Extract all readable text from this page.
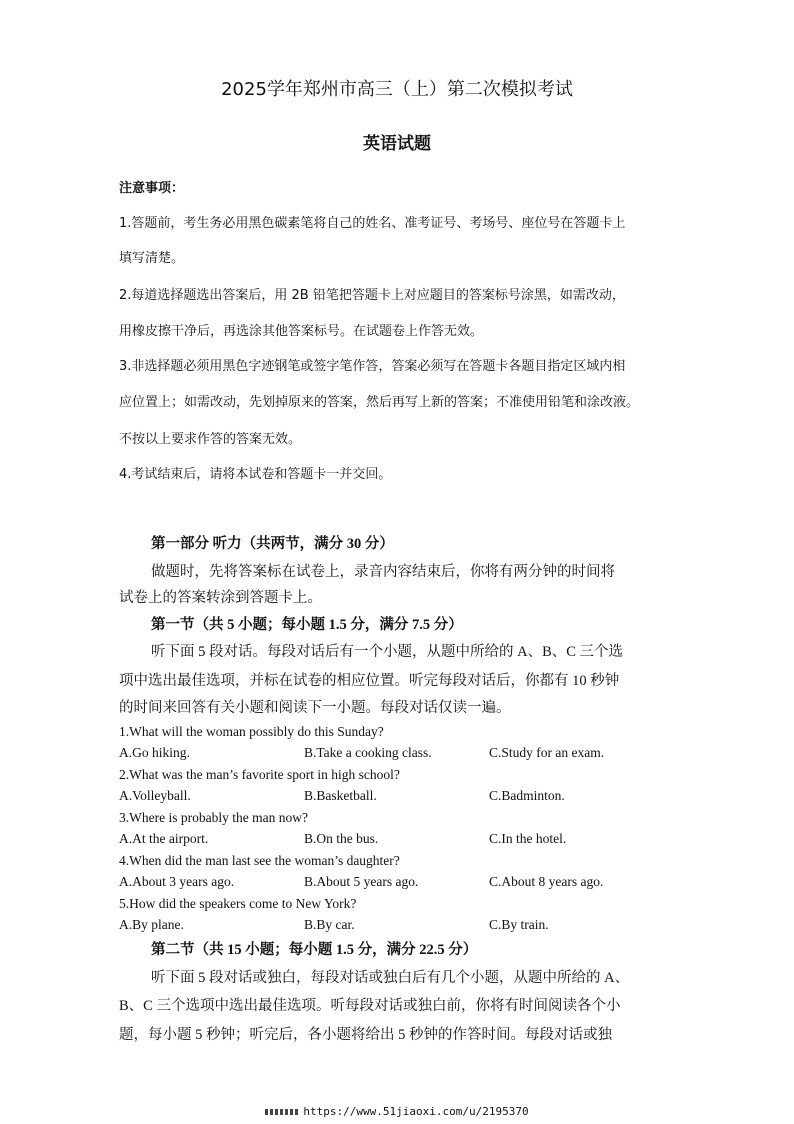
2025学年郑州市高三（上）第二次模拟考试
英语试题
注意事项：
1.答题前，考生务必用黑色碳素笔将自己的姓名、准考证号、考场号、座位号在答题卡上
填写清楚。
2.每道选择题选出答案后，用 2B 铅笔把答题卡上对应题目的答案标号涂黑，如需改动，
用橡皮擦干净后，再选涂其他答案标号。在试题卷上作答无效。
3.非选择题必须用黑色字迹钢笔或签字笔作答，答案必须写在答题卡各题目指定区域内相
应位置上；如需改动，先划掉原来的答案，然后再写上新的答案；不准使用铅笔和涂改液。
不按以上要求作答的答案无效。
4.考试结束后，请将本试卷和答题卡一并交回。
第一部分 听力（共两节，满分 30 分）
做题时，先将答案标在试卷上，录音内容结束后，你将有两分钟的时间将
试卷上的答案转涂到答题卡上。
第一节（共 5 小题；每小题 1.5 分，满分 7.5 分）
听下面 5 段对话。每段对话后有一个小题，从题中所给的 A、B、C 三个选
项中选出最佳选项，并标在试卷的相应位置。听完每段对话后，你都有 10 秒钟
的时间来回答有关小题和阅读下一小题。每段对话仅读一遍。
1.What will the woman possibly do this Sunday?
A.Go hiking.	B.Take a cooking class.	C.Study for an exam.
2.What was the man’s favorite sport in high school?
A.Volleyball.	B.Basketball.	C.Badminton.
3.Where is probably the man now?
A.At the airport.	B.On the bus.	C.In the hotel.
4.When did the man last see the woman’s daughter?
A.About 3 years ago.	B.About 5 years ago.	C.About 8 years ago.
5.How did the speakers come to New York?
A.By plane.	B.By car.	C.By train.
第二节（共 15 小题；每小题 1.5 分，满分 22.5 分）
听下面 5 段对话或独白，每段对话或独白后有几个小题，从题中所给的 A、
B、C 三个选项中选出最佳选项。听每段对话或独白前，你将有时间阅读各个小
题，每小题 5 秒钟；听完后，各小题将给出 5 秒钟的作答时间。每段对话或独
https://www.51jiaoxi.com/u/2195370
